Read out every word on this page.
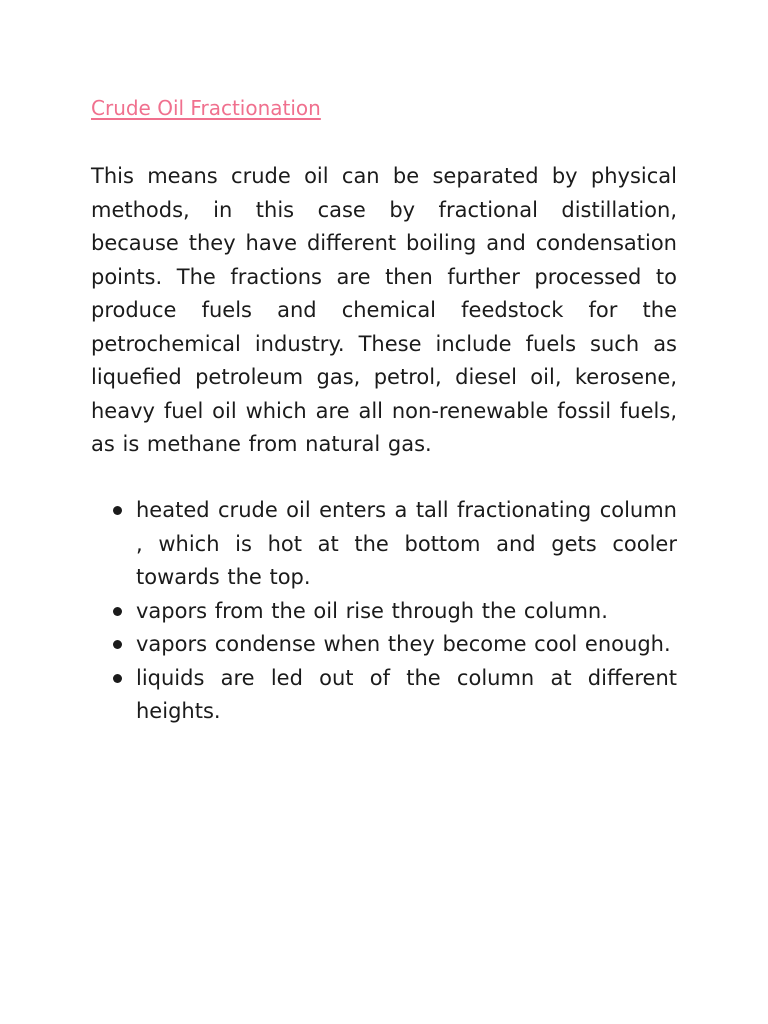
Crude Oil Fractionation

This means crude oil can be separated by physical methods, in this case by fractional distillation, because they have different boiling and condensation points. The fractions are then further processed to produce fuels and chemical feedstock for the petrochemical industry. These include fuels such as liquefied petroleum gas, petrol, diesel oil, kerosene, heavy fuel oil which are all non-renewable fossil fuels, as is methane from natural gas.

heated crude oil enters a tall fractionating column , which is hot at the bottom and gets cooler towards the top.
vapors from the oil rise through the column.
vapors condense when they become cool enough.
liquids are led out of the column at different heights.
